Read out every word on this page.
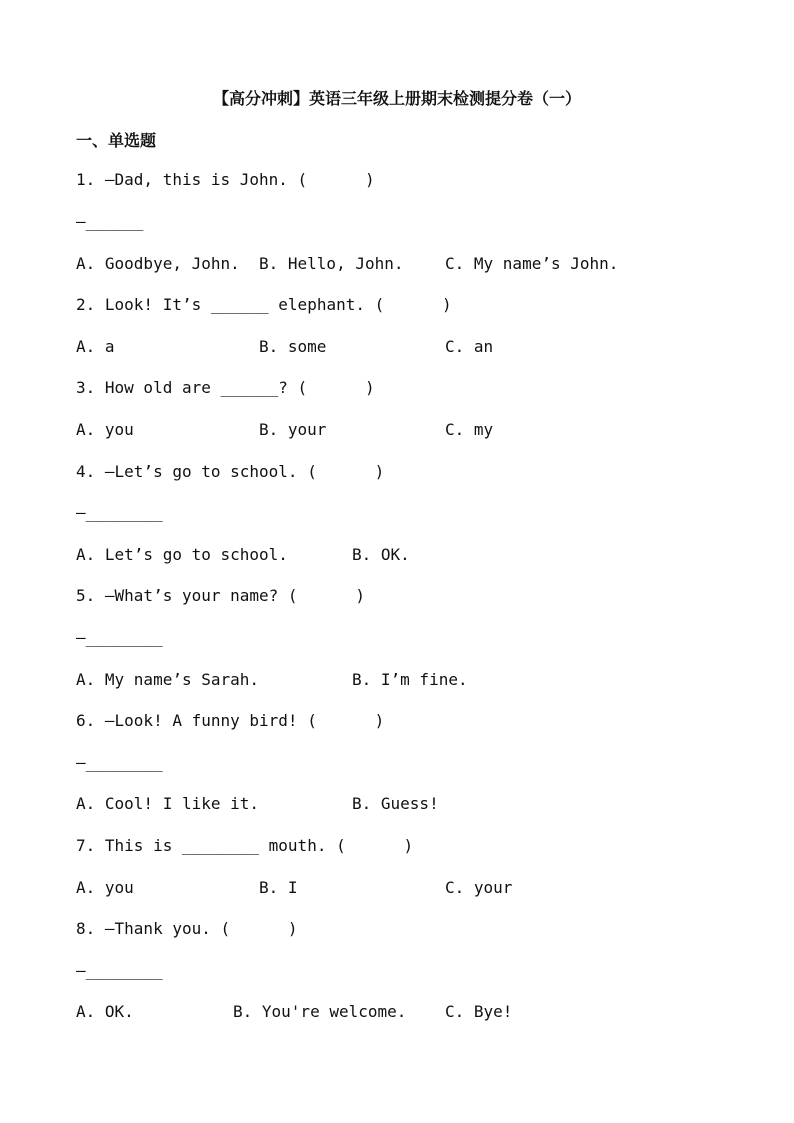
【高分冲刺】英语三年级上册期末检测提分卷（一）
一、单选题
1. —Dad, this is John. (      )
—______
A. Goodbye, John. B. Hello, John.	C. My name’s John.
2. Look! It’s ______ elephant. (      )
A. a	B. some	C. an
3. How old are ______? (      )
A. you	B. your	C. my
4. —Let’s go to school. (      )
—________
A. Let’s go to school.	B. OK.
5. —What’s your name? (      )
—________
A. My name’s Sarah.	B. I’m fine.
6. —Look! A funny bird! (      )
—________
A. Cool! I like it.	B. Guess!
7. This is ________ mouth. (      )
A. you	B. I	C. your
8. —Thank you. (      )
—________
A. OK.	B. You're welcome. C. Bye!
